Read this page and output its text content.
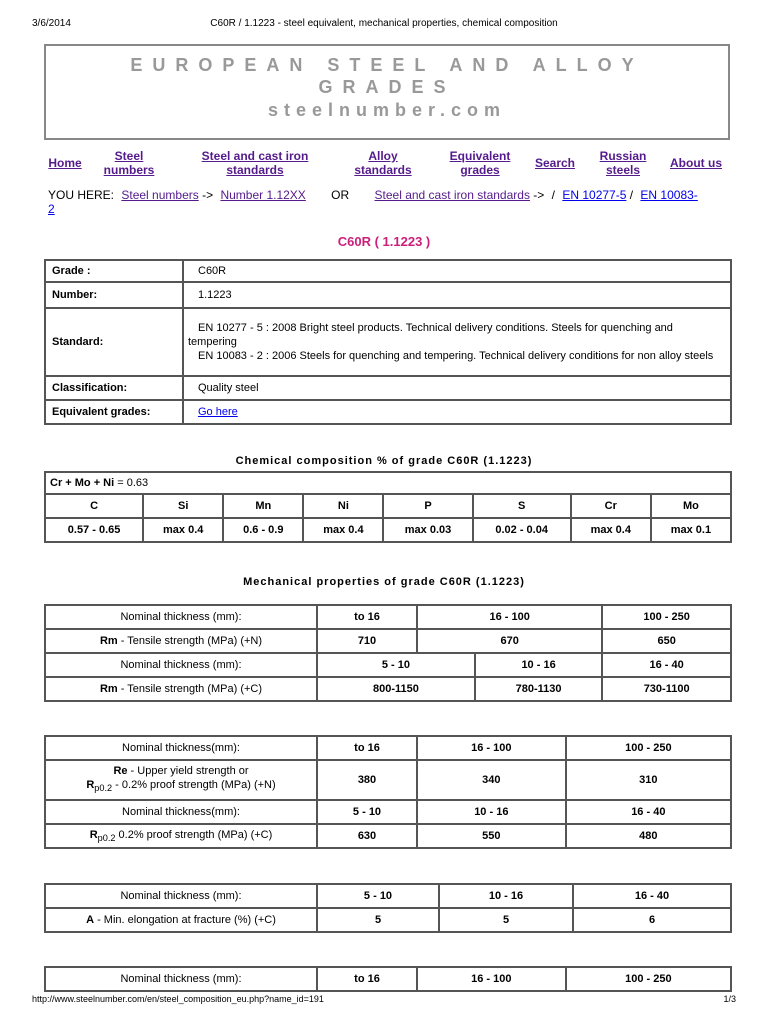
3/6/2014	C60R / 1.1223 - steel equivalent, mechanical properties, chemical composition
EUROPEAN STEEL AND ALLOY
GRADES
steelnumber.com
Home	Steel numbers
Steel and cast iron standards
Alloy standards
Equivalent grades	Search	Russian steels	About us
YOU HERE: Steel numbers -> Number 1.12XX OR Steel and cast iron standards -> / EN 10277-5 / EN 10083-
2
C60R ( 1.1223 )
Grade :	C60R
Number:	1.1223
Standard:	EN 10277 - 5 : 2008 Bright steel products. Technical delivery conditions. Steels for quenching and tempering
EN 10083 - 2 : 2006 Steels for quenching and tempering. Technical delivery conditions for non alloy steels

Classification:	Quality steel
Equivalent grades:	Go here
Chemical composition % of grade C60R (1.1223)
Cr + Mo + Ni = 0.63							
C	Si	Mn	Ni	P	S	Cr	Mo
0.57 - 0.65	max 0.4	0.6 - 0.9	max 0.4	max 0.03	0.02 - 0.04	max 0.4	max 0.1
Mechanical properties of grade C60R (1.1223)
Nominal thickness (mm):	to 16	16 - 100		100 - 250
Rm - Tensile strength (MPa) (+N)	710	670		650
Nominal thickness (mm):	5 - 10		10 - 16	16 - 40
Rm - Tensile strength (MPa) (+C)	800-1150		780-1130	730-1100
Nominal thickness(mm):	to 16	16 - 100	100 - 250

Re - Upper yield strength or
$R_{p0.2} - 0.2\%$ proof strength (MPa) (+N)	380	340	310
Nominal thickness(mm):	5 - 10	10 - 16	16 - 40
$R_{p0.2}$ 0.2% proof strength (MPa) (+C)	630	550	480
Nominal thickness (mm):	5 - 10	10 - 16	16 - 40
A - Min. elongation at fracture (%) (+C)	5	5	6
Nominal thickness (mm):	to 16	16 - 100	100 - 250
http://www.steelnumber.com/en/steel_composition_eu.php?name_id=191	1/3
